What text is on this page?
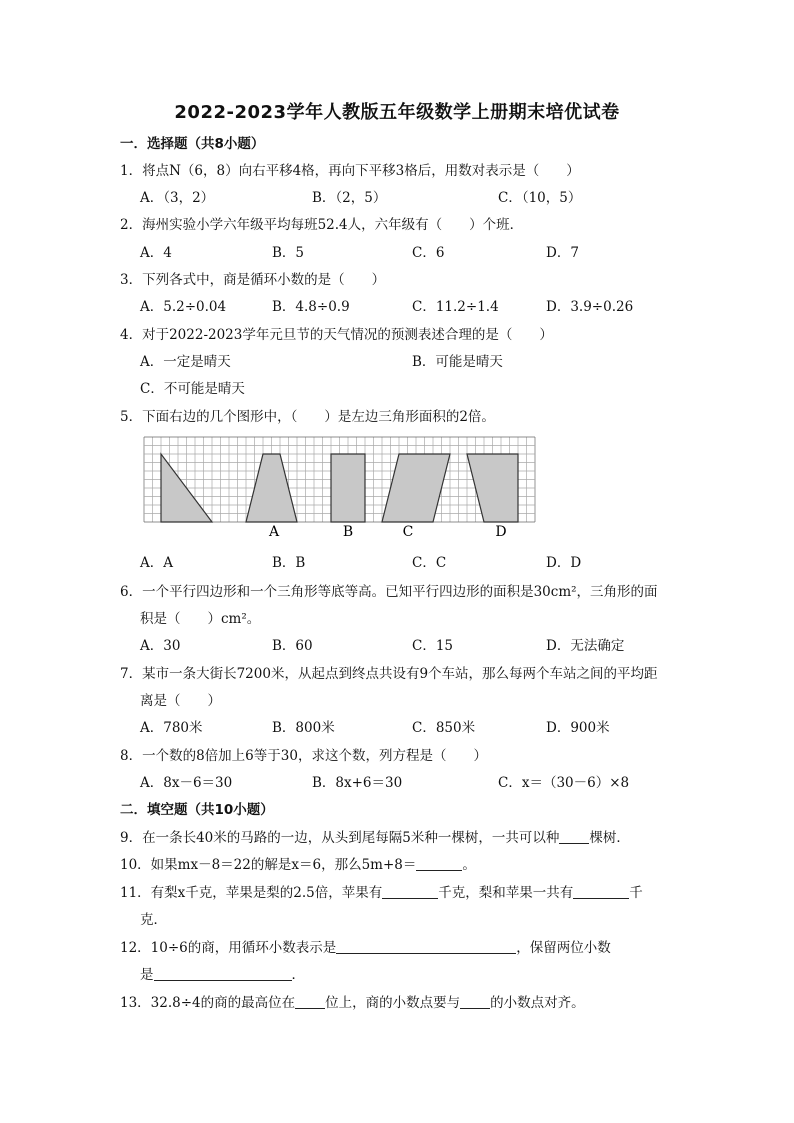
2022-2023学年人教版五年级数学上册期末培优试卷
一．选择题（共8小题）
1．将点N（6，8）向右平移4格，再向下平移3格后，用数对表示是（　　）
A．（3，2）	B．（2，5）	C．（10，5）
2．海州实验小学六年级平均每班52.4人，六年级有（　　）个班．
A．4	B．5	C．6	D．7
3．下列各式中，商是循环小数的是（　　）
A．5.2÷0.04	B．4.8÷0.9	C．11.2÷1.4	D．3.9÷0.26
4．对于2022-2023学年元旦节的天气情况的预测表述合理的是（　　）
A．一定是晴天	B．可能是晴天
C．不可能是晴天
5．下面右边的几个图形中，（　　）是左边三角形面积的2倍。
A	B	C	D
A．A	B．B	C．C	D．D
6．一个平行四边形和一个三角形等底等高。已知平行四边形的面积是30cm²，三角形的面
积是（　　）cm²。
A．30	B．60	C．15	D．无法确定
7．某市一条大街长7200米，从起点到终点共设有9个车站，那么每两个车站之间的平均距
离是（　　）
A．780米	B．800米	C．850米	D．900米
8．一个数的8倍加上6等于30，求这个数，列方程是（　　）
A．8x－6＝30	B．8x+6＝30	C．x＝（30－6）×8
二．填空题（共10小题）
9．在一条长40米的马路的一边，从头到尾每隔5米种一棵树，一共可以种 棵树．
10．如果mx－8＝22的解是x＝6，那么5m+8＝	。
11．有梨x千克，苹果是梨的2.5倍，苹果有	千克，梨和苹果一共有	千
克．
12．10÷6的商，用循环小数表示是	，保留两位小数
是	．
13．32.8÷4的商的最高位在 位上，商的小数点要与 的小数点对齐。
